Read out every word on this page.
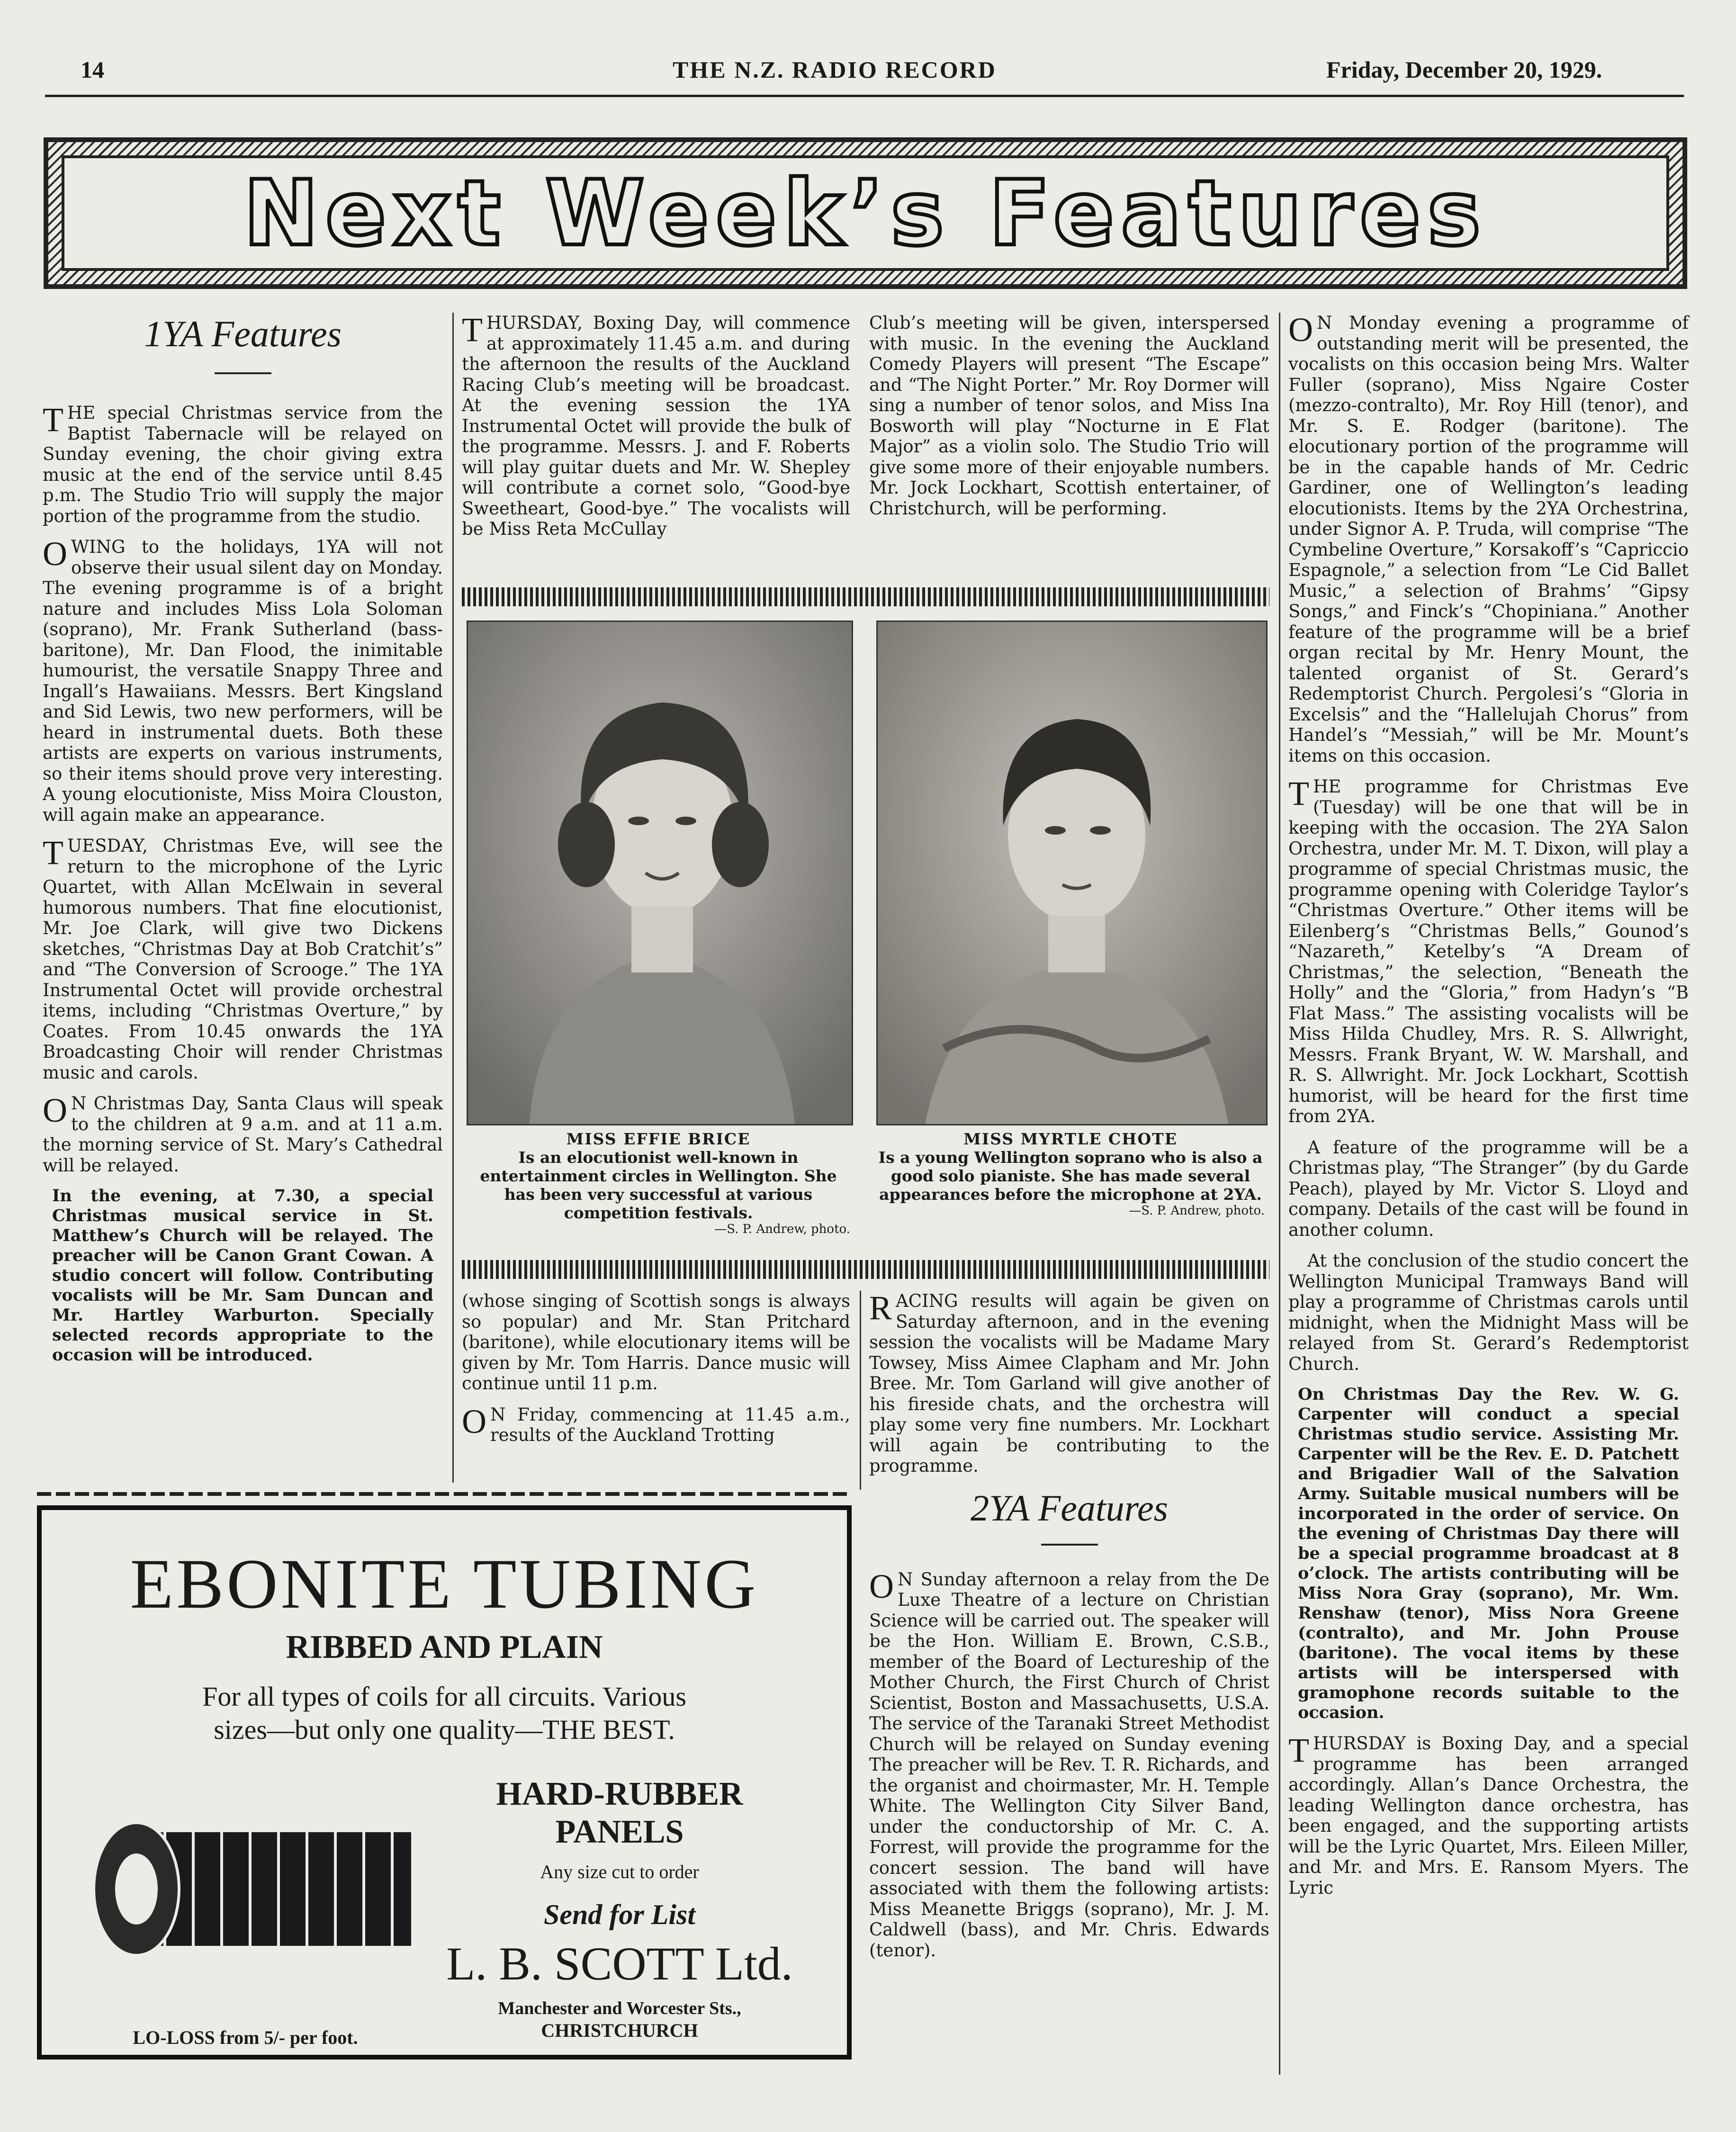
14	THE N.Z. RADIO RECORD	Friday, December 20, 1929.
Next Week’s Features
1YA Features

THE special Christmas service from the Baptist Tabernacle will be relayed on Sunday evening, the choir giving extra music at the end of the service until 8.45 p.m. The Studio Trio will supply the major portion of the programme from the studio.

OWING to the holidays, 1YA will not observe their usual silent day on Monday. The evening programme is of a bright nature and includes Miss Lola Soloman (soprano), Mr. Frank Sutherland (bass-baritone), Mr. Dan Flood, the inimitable humourist, the versatile Snappy Three and Ingall’s Hawaiians. Messrs. Bert Kingsland and Sid Lewis, two new performers, will be heard in instrumental duets. Both these artists are experts on various instruments, so their items should prove very interesting. A young elocutioniste, Miss Moira Clouston, will again make an appearance.

TUESDAY, Christmas Eve, will see the return to the microphone of the Lyric Quartet, with Allan McElwain in several humorous numbers. That fine elocutionist, Mr. Joe Clark, will give two Dickens sketches, “Christmas Day at Bob Cratchit’s” and “The Conversion of Scrooge.” The 1YA Instrumental Octet will provide orchestral items, including “Christmas Overture,” by Coates. From 10.45 onwards the 1YA Broadcasting Choir will render Christmas music and carols.

O N Christmas Day, Santa Claus will speak to the children at 9 a.m. and at 11 a.m. the morning service of St. Mary’s Cathedral will be relayed.

In the evening, at 7.30, a special Christmas musical service in St. Matthew’s Church will be relayed. The preacher will be Canon Grant Cowan. A studio concert will follow. Contributing vocalists will be Mr. Sam Duncan and Mr. Hartley Warburton. Specially selected records appropriate to the occasion will be introduced.

THURSDAY, Boxing Day, will commence at approximately 11.45 a.m. and during the afternoon the results of the Auckland Racing Club’s meeting will be broadcast. At the evening session the 1YA Instrumental Octet will provide the bulk of the programme. Messrs. J. and F. Roberts will play guitar duets and Mr. W. Shepley will contribute a cornet solo, “Good-bye Sweetheart, Good-bye.” The vocalists will be Miss Reta McCullay

Club’s meeting will be given, interspersed with music. In the evening the Auckland Comedy Players will present “The Escape” and “The Night Porter.” Mr. Roy Dormer will sing a number of tenor solos, and Miss Ina Bosworth will play “Nocturne in E Flat Major” as a violin solo. The Studio Trio will give some more of their enjoyable numbers. Mr. Jock Lockhart, Scottish entertainer, of Christchurch, will be performing.

MISS EFFIE BRICE
Is an elocutionist well-known in entertainment circles in Wellington. She has been very successful at various competition festivals.
—S. P. Andrew, photo.
MISS MYRTLE CHOTE
Is a young Wellington soprano who is also a good solo pianiste. She has made several appearances before the microphone at 2YA.
—S. P. Andrew, photo.

(whose singing of Scottish songs is always so popular) and Mr. Stan Pritchard (baritone), while elocutionary items will be given by Mr. Tom Harris. Dance music will continue until 11 p.m.

O N Friday, commencing at 11.45 a.m., results of the Auckland Trotting

RACING results will again be given on Saturday afternoon, and in the evening session the vocalists will be Madame Mary Towsey, Miss Aimee Clapham and Mr. John Bree. Mr. Tom Garland will give another of his fireside chats, and the orchestra will play some very fine numbers. Mr. Lockhart will again be contributing to the programme.

2YA Features

O N Sunday afternoon a relay from the De Luxe Theatre of a lecture on Christian Science will be carried out. The speaker will be the Hon. William E. Brown, C.S.B., member of the Board of Lectureship of the Mother Church, the First Church of Christ Scientist, Boston and Massachusetts, U.S.A. The service of the Taranaki Street Methodist Church will be relayed on Sunday evening The preacher will be Rev. T. R. Richards, and the organist and choirmaster, Mr. H. Temple White. The Wellington City Silver Band, under the conductorship of Mr. C. A. Forrest, will provide the programme for the concert session. The band will have associated with them the following artists: Miss Meanette Briggs (soprano), Mr. J. M. Caldwell (bass), and Mr. Chris. Edwards (tenor).

O N Monday evening a programme of outstanding merit will be presented, the vocalists on this occasion being Mrs. Walter Fuller (soprano), Miss Ngaire Coster (mezzo-contralto), Mr. Roy Hill (tenor), and Mr. S. E. Rodger (baritone). The elocutionary portion of the programme will be in the capable hands of Mr. Cedric Gardiner, one of Wellington’s leading elocutionists. Items by the 2YA Orchestrina, under Signor A. P. Truda, will comprise “The Cymbeline Overture,” Korsakoff’s “Capriccio Espagnole,” a selection from “Le Cid Ballet Music,” a selection of Brahms’ “Gipsy Songs,” and Finck’s “Chopiniana.” Another feature of the programme will be a brief organ recital by Mr. Henry Mount, the talented organist of St. Gerard’s Redemptorist Church. Pergolesi’s “Gloria in Excelsis” and the “Hallelujah Chorus” from Handel’s “Messiah,” will be Mr. Mount’s items on this occasion.

THE programme for Christmas Eve (Tuesday) will be one that will be in keeping with the occasion. The 2YA Salon Orchestra, under Mr. M. T. Dixon, will play a programme of special Christmas music, the programme opening with Coleridge Taylor’s “Christmas Overture.” Other items will be Eilenberg’s “Christmas Bells,” Gounod’s “Nazareth,” Ketelby’s “A Dream of Christmas,” the selection, “Beneath the Holly” and the “Gloria,” from Hadyn’s “B Flat Mass.” The assisting vocalists will be Miss Hilda Chudley, Mrs. R. S. Allwright, Messrs. Frank Bryant, W. W. Marshall, and R. S. Allwright. Mr. Jock Lockhart, Scottish humorist, will be heard for the first time from 2YA.

A feature of the programme will be a Christmas play, “The Stranger” (by du Garde Peach), played by Mr. Victor S. Lloyd and company. Details of the cast will be found in another column.

At the conclusion of the studio concert the Wellington Municipal Tramways Band will play a programme of Christmas carols until midnight, when the Midnight Mass will be relayed from St. Gerard’s Redemptorist Church.

On Christmas Day the Rev. W. G. Carpenter will conduct a special Christmas studio service. Assisting Mr. Carpenter will be the Rev. E. D. Patchett and Brigadier Wall of the Salvation Army. Suitable musical numbers will be incorporated in the order of service. On the evening of Christmas Day there will be a special programme broadcast at 8 o’clock. The artists contributing will be Miss Nora Gray (soprano), Mr. Wm. Renshaw (tenor), Miss Nora Greene (contralto), and Mr. John Prouse (baritone). The vocal items by these artists will be interspersed with gramophone records suitable to the occasion.

THURSDAY is Boxing Day, and a special programme has been arranged accordingly. Allan’s Dance Orchestra, the leading Wellington dance orchestra, has been engaged, and the supporting artists will be the Lyric Quartet, Mrs. Eileen Miller, and Mr. and Mrs. E. Ransom Myers. The Lyric

EBONITE TUBING
RIBBED AND PLAIN
For all types of coils for all circuits. Various
sizes—but only one quality—THE BEST.
HARD-RUBBER
PANELS
Any size cut to order
Send for List
L. B. SCOTT Ltd.
Manchester and Worcester Sts.,
CHRISTCHURCH
LO-LOSS from 5/- per foot.
